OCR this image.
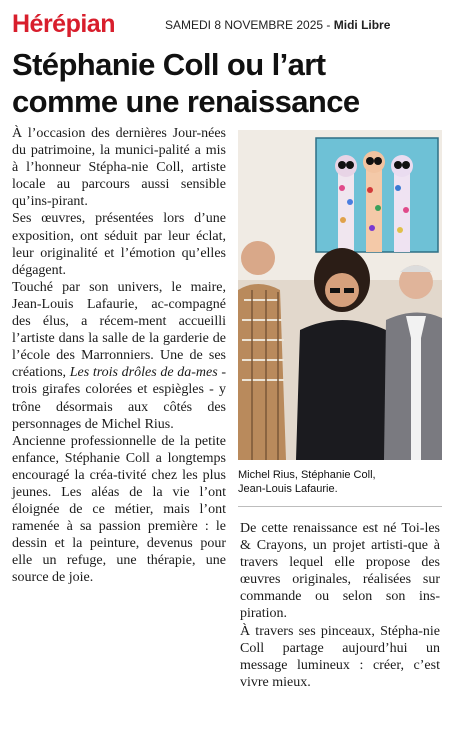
Hérépian	SAMEDI 8 NOVEMBRE 2025 - Midi Libre
Stéphanie Coll ou l’art
comme une renaissance

À l’occasion des dernières Jour-nées du patrimoine, la munici-palité a mis à l’honneur Stépha-nie Coll, artiste locale au parcours aussi sensible qu’ins-pirant.

Ses œuvres, présentées lors d’une exposition, ont séduit par leur éclat, leur originalité et l’émotion qu’elles dégagent.

Touché par son univers, le maire, Jean-Louis Lafaurie, ac-compagné des élus, a récem-ment accueilli l’artiste dans la salle de la garderie de l’école des Marronniers. Une de ses créations, Les trois drôles de da-mes - trois girafes colorées et espiègles - y trône désormais aux côtés des personnages de Michel Rius.

Ancienne professionnelle de la petite enfance, Stéphanie Coll a longtemps encouragé la créa-tivité chez les plus jeunes. Les aléas de la vie l’ont éloignée de ce métier, mais l’ont ramenée à sa passion première : le dessin et la peinture, devenus pour elle un refuge, une thérapie, une source de joie.

Michel Rius, Stéphanie Coll,
Jean-Louis Lafaurie.

De cette renaissance est né Toi-les & Crayons, un projet artisti-que à travers lequel elle propose des œuvres originales, réalisées sur commande ou selon son ins-piration.

À travers ses pinceaux, Stépha-nie Coll partage aujourd’hui un message lumineux : créer, c’est vivre mieux.
